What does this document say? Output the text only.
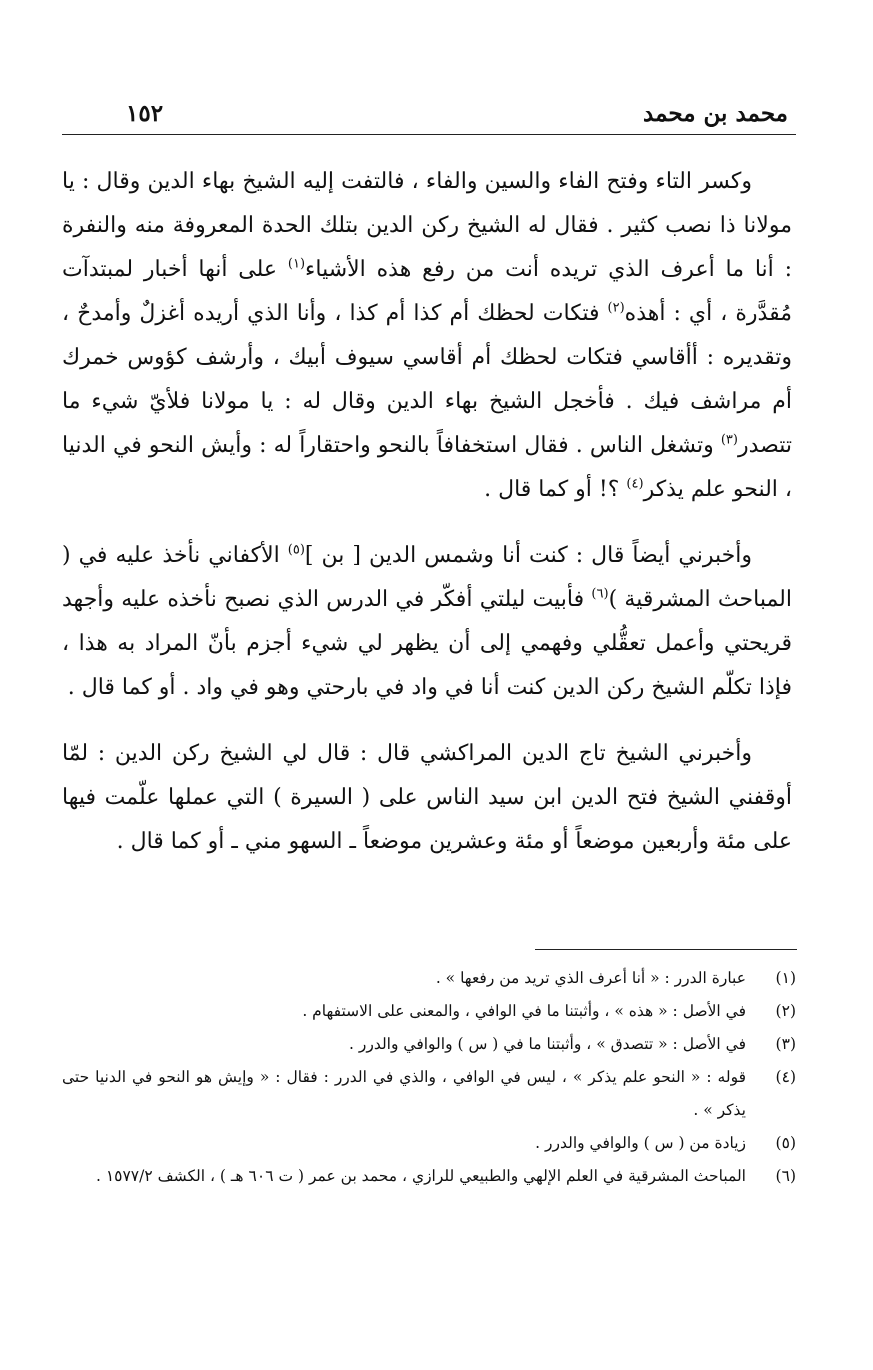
محمد بن محمد
١٥٢

وكسر التاء وفتح الفاء والسين والفاء ، فالتفت إليه الشيخ بهاء الدين وقال : يا مولانا ذا نصب كثير . فقال له الشيخ ركن الدين بتلك الحدة المعروفة منه والنفرة : أنا ما أعرف الذي تريده أنت من رفع هذه الأشياء$^{(١)}$ على أنها أخبار لمبتدآت مُقدَّرة ، أي : أهذه$^{(٢)}$ فتكات لحظك أم كذا أم كذا ، وأنا الذي أريده أغزلٌ وأمدحٌ ، وتقديره : أأقاسي فتكات لحظك أم أقاسي سيوف أبيك ، وأرشف كؤوس خمرك أم مراشف فيك . فأخجل الشيخ بهاء الدين وقال له : يا مولانا فلأيّ شيء ما تتصدر$^{(٣)}$ وتشغل الناس . فقال استخفافاً بالنحو واحتقاراً له : وأيش النحو في الدنيا ، النحو علم يذكر$^{(٤)}$ ؟! أو كما قال .

وأخبرني أيضاً قال : كنت أنا وشمس الدين [ بن ]$^{(٥)}$ الأكفاني نأخذ عليه في ( المباحث المشرقية )$^{(٦)}$ فأبيت ليلتي أفكّر في الدرس الذي نصبح نأخذه عليه وأجهد قريحتي وأعمل تعقُّلي وفهمي إلى أن يظهر لي شيء أجزم بأنّ المراد به هذا ، فإذا تكلّم الشيخ ركن الدين كنت أنا في واد في بارحتي وهو في واد . أو كما قال .

وأخبرني الشيخ تاج الدين المراكشي قال : قال لي الشيخ ركن الدين : لمّا أوقفني الشيخ فتح الدين ابن سيد الناس على ( السيرة ) التي عملها علّمت فيها على مئة وأربعين موضعاً أو مئة وعشرين موضعاً ـ السهو مني ـ أو كما قال .

(١)
عبارة الدرر : « أنا أعرف الذي تريد من رفعها » .
(٢)
في الأصل : « هذه » ، وأثبتنا ما في الوافي ، والمعنى على الاستفهام .
(٣)
في الأصل : « تتصدق » ، وأثبتنا ما في ( س ) والوافي والدرر .
(٤)
قوله : « النحو علم يذكر » ، ليس في الوافي ، والذي في الدرر : فقال : « وإيش هو النحو في الدنيا حتى يذكر » .
(٥)
زيادة من ( س ) والوافي والدرر .
(٦)
المباحث المشرقية في العلم الإلهي والطبيعي للرازي ، محمد بن عمر ( ت ٦٠٦ هـ ) ، الكشف ١٥٧٧/٢ .
